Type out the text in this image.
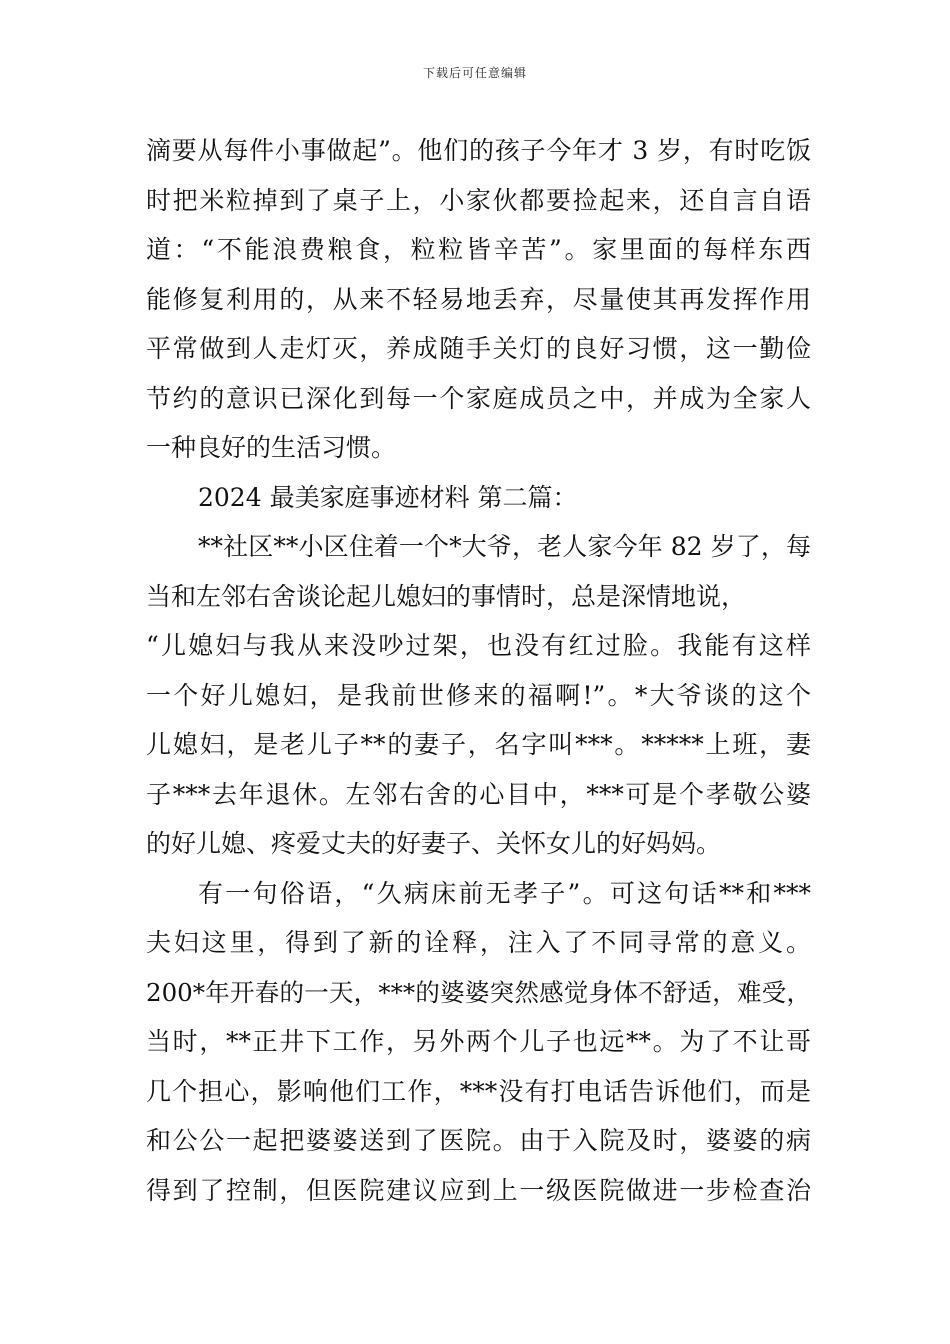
下载后可任意编辑
滴要从每件小事做起”。他们的孩子今年才 3 岁，有时吃饭
时把米粒掉到了桌子上，小家伙都要捡起来，还自言自语
道：“不能浪费粮食，粒粒皆辛苦”。家里面的每样东西
能修复利用的，从来不轻易地丢弃，尽量使其再发挥作用
平常做到人走灯灭，养成随手关灯的良好习惯，这一勤俭
节约的意识已深化到每一个家庭成员之中，并成为全家人
一种良好的生活习惯。
2024 最美家庭事迹材料 第二篇：
**社区**小区住着一个*大爷，老人家今年 82 岁了，每
当和左邻右舍谈论起儿媳妇的事情时，总是深情地说，
“儿媳妇与我从来没吵过架，也没有红过脸。我能有这样
一个好儿媳妇，是我前世修来的福啊!”。*大爷谈的这个
儿媳妇，是老儿子**的妻子，名字叫***。*****上班，妻
子***去年退休。左邻右舍的心目中，***可是个孝敬公婆
的好儿媳、疼爱丈夫的好妻子、关怀女儿的好妈妈。
有一句俗语，“久病床前无孝子”。可这句话**和***
夫妇这里，得到了新的诠释，注入了不同寻常的意义。
200*年开春的一天，***的婆婆突然感觉身体不舒适，难受，
当时，**正井下工作，另外两个儿子也远**。为了不让哥
几个担心，影响他们工作，***没有打电话告诉他们，而是
和公公一起把婆婆送到了医院。由于入院及时，婆婆的病
得到了控制，但医院建议应到上一级医院做进一步检查治
